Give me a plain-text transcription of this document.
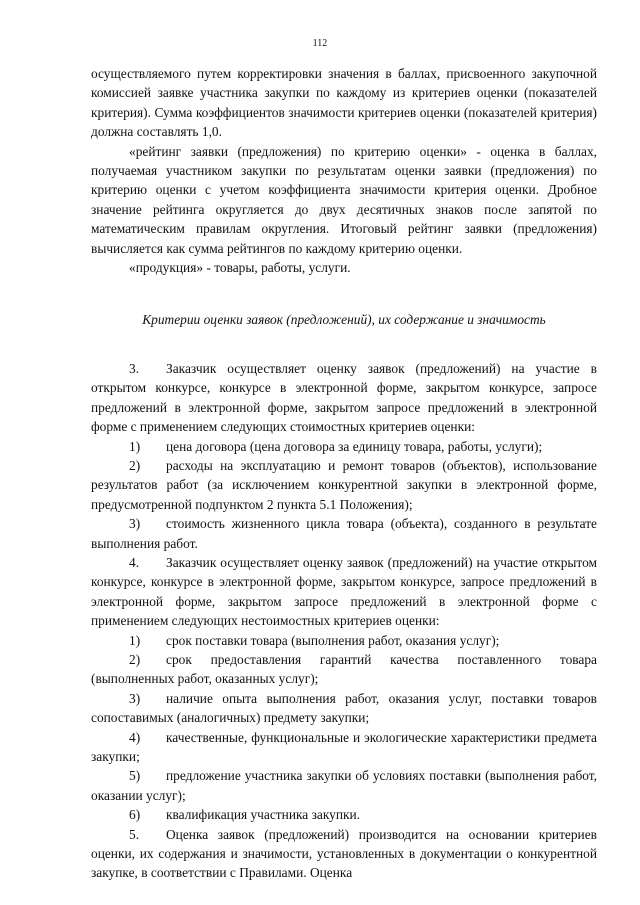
112

осуществляемого путем корректировки значения в баллах, присвоенного закупочной комиссией заявке участника закупки по каждому из критериев оценки (показателей критерия). Сумма коэффициентов значимости критериев оценки (показателей критерия) должна составлять 1,0.

«рейтинг заявки (предложения) по критерию оценки» - оценка в баллах, получаемая участником закупки по результатам оценки заявки (предложения) по критерию оценки с учетом коэффициента значимости критерия оценки. Дробное значение рейтинга округляется до двух десятичных знаков после запятой по математическим правилам округления. Итоговый рейтинг заявки (предложения) вычисляется как сумма рейтингов по каждому критерию оценки.

«продукция» - товары, работы, услуги.

Критерии оценки заявок (предложений), их содержание и значимость

3. Заказчик осуществляет оценку заявок (предложений) на участие в открытом конкурсе, конкурсе в электронной форме, закрытом конкурсе, запросе предложений в электронной форме, закрытом запросе предложений в электронной форме с применением следующих стоимостных критериев оценки:

1) цена договора (цена договора за единицу товара, работы, услуги);

2) расходы на эксплуатацию и ремонт товаров (объектов), использование результатов работ (за исключением конкурентной закупки в электронной форме, предусмотренной подпунктом 2 пункта 5.1 Положения);

3) стоимость жизненного цикла товара (объекта), созданного в результате выполнения работ.

4. Заказчик осуществляет оценку заявок (предложений) на участие открытом конкурсе, конкурсе в электронной форме, закрытом конкурсе, запросе предложений в электронной форме, закрытом запросе предложений в электронной форме с применением следующих нестоимостных критериев оценки:

1) срок поставки товара (выполнения работ, оказания услуг);

2) срок предоставления гарантий качества поставленного товара (выполненных работ, оказанных услуг);

3) наличие опыта выполнения работ, оказания услуг, поставки товаров сопоставимых (аналогичных) предмету закупки;

4) качественные, функциональные и экологические характеристики предмета закупки;

5) предложение участника закупки об условиях поставки (выполнения работ, оказании услуг);

6) квалификация участника закупки.

5. Оценка заявок (предложений) производится на основании критериев оценки, их содержания и значимости, установленных в документации о конкурентной закупке, в соответствии с Правилами. Оценка
